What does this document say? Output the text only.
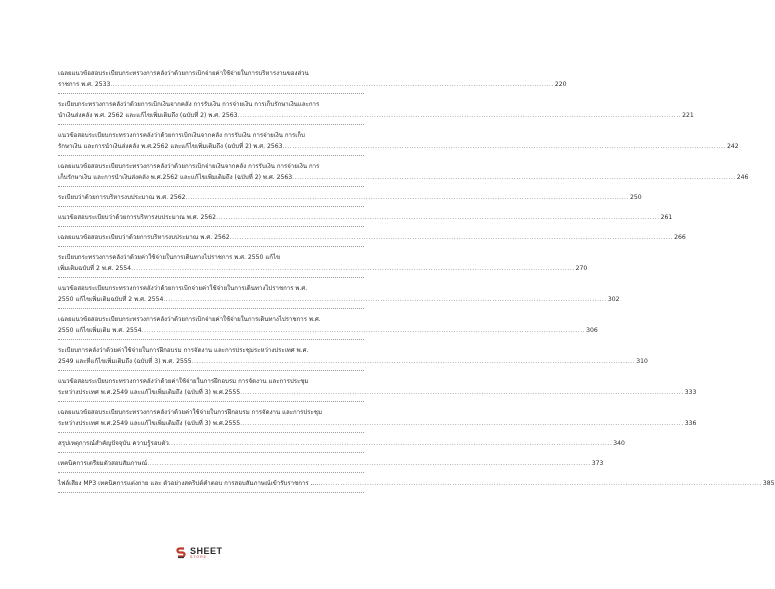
เฉลยแนวข้อสอบระเบียบกระทรวงการคลังว่าด้วยการเบิกจ่ายค่าใช้จ่ายในการบริหารงานของส่วน
ราชการ พ.ศ. 2533 .....	220
ระเบียบกระทรวงการคลังว่าด้วยการเบิกเงินจากคลัง การรับเงิน การจ่ายเงิน การเก็บรักษาเงินและการ
นำเงินส่งคลัง พ.ศ. 2562 และแก้ไขเพิ่มเติมถึง (ฉบับที่ 2) พ.ศ. 2563 .....	221
แนวข้อสอบระเบียบกระทรวงการคลังว่าด้วยการเบิกเงินจากคลัง การรับเงิน การจ่ายเงิน การเก็บ
รักษาเงิน และการนำเงินส่งคลัง พ.ศ.2562 และแก้ไขเพิ่มเติมถึง (ฉบับที่ 2) พ.ศ. 2563 .....	242
เฉลยแนวข้อสอบระเบียบกระทรวงการคลังว่าด้วยการเบิกจ่ายเงินจากคลัง การรับเงิน การจ่ายเงิน การ
เก็บรักษาเงิน และการนำเงินส่งคลัง พ.ศ.2562 และแก้ไขเพิ่มเติมถึง (ฉบับที่ 2) พ.ศ. 2563 .....	246
ระเบียบว่าด้วยการบริหารงบประมาณ พ.ศ. 2562 .....	250
แนวข้อสอบระเบียบว่าด้วยการบริหารงบประมาณ พ.ศ. 2562 .....	261
เฉลยแนวข้อสอบระเบียบว่าด้วยการบริหารงบประมาณ พ.ศ. 2562 .....	266
ระเบียบกระทรวงการคลังว่าด้วยค่าใช้จ่ายในการเดินทางไปราชการ พ.ศ. 2550 แก้ไข
เพิ่มเติมฉบับที่ 2 พ.ศ. 2554 .....	270
แนวข้อสอบระเบียบกระทรวงการคลังว่าด้วยการเบิกจ่ายค่าใช้จ่ายในการเดินทางไปราชการ พ.ศ.
2550 แก้ไขเพิ่มเติมฉบับที่ 2 พ.ศ. 2554 .....	302
เฉลยแนวข้อสอบระเบียบกระทรวงการคลังว่าด้วยการเบิกจ่ายค่าใช้จ่ายในการเดินทางไปราชการ พ.ศ.
2550 แก้ไขเพิ่มเติม พ.ศ. 2554 .....	306
ระเบียบการคลังว่าด้วยค่าใช้จ่ายในการฝึกอบรม การจัดงาน และการประชุมระหว่างประเทศ พ.ศ.
2549 และที่แก้ไขเพิ่มเติมถึง (ฉบับที่ 3) พ.ศ. 2555 .....	310
แนวข้อสอบระเบียบกระทรวงการคลังว่าด้วยค่าใช้จ่ายในการฝึกอบรม การจัดงาน และการประชุม
ระหว่างประเทศ พ.ศ.2549 และแก้ไขเพิ่มเติมถึง (ฉบับที่ 3) พ.ศ.2555 .....	333
เฉลยแนวข้อสอบระเบียบกระทรวงการคลังว่าด้วยค่าใช้จ่ายในการฝึกอบรม การจัดงาน และการประชุม
ระหว่างประเทศ พ.ศ.2549 และแก้ไขเพิ่มเติมถึง (ฉบับที่ 3) พ.ศ.2555 .....	336
สรุปเหตุการณ์สำคัญปัจจุบัน ความรู้รอบตัว .....	340
เทคนิคการเตรียมตัวสอบสัมภาษณ์ .....	373
ไฟล์เสียง MP3 เทคนิคการแต่งกาย และ ตัวอย่างสคริปต์คำตอบ การสอบสัมภาษณ์เข้ารับราชการ .... .....	385
SHEET
STORE
